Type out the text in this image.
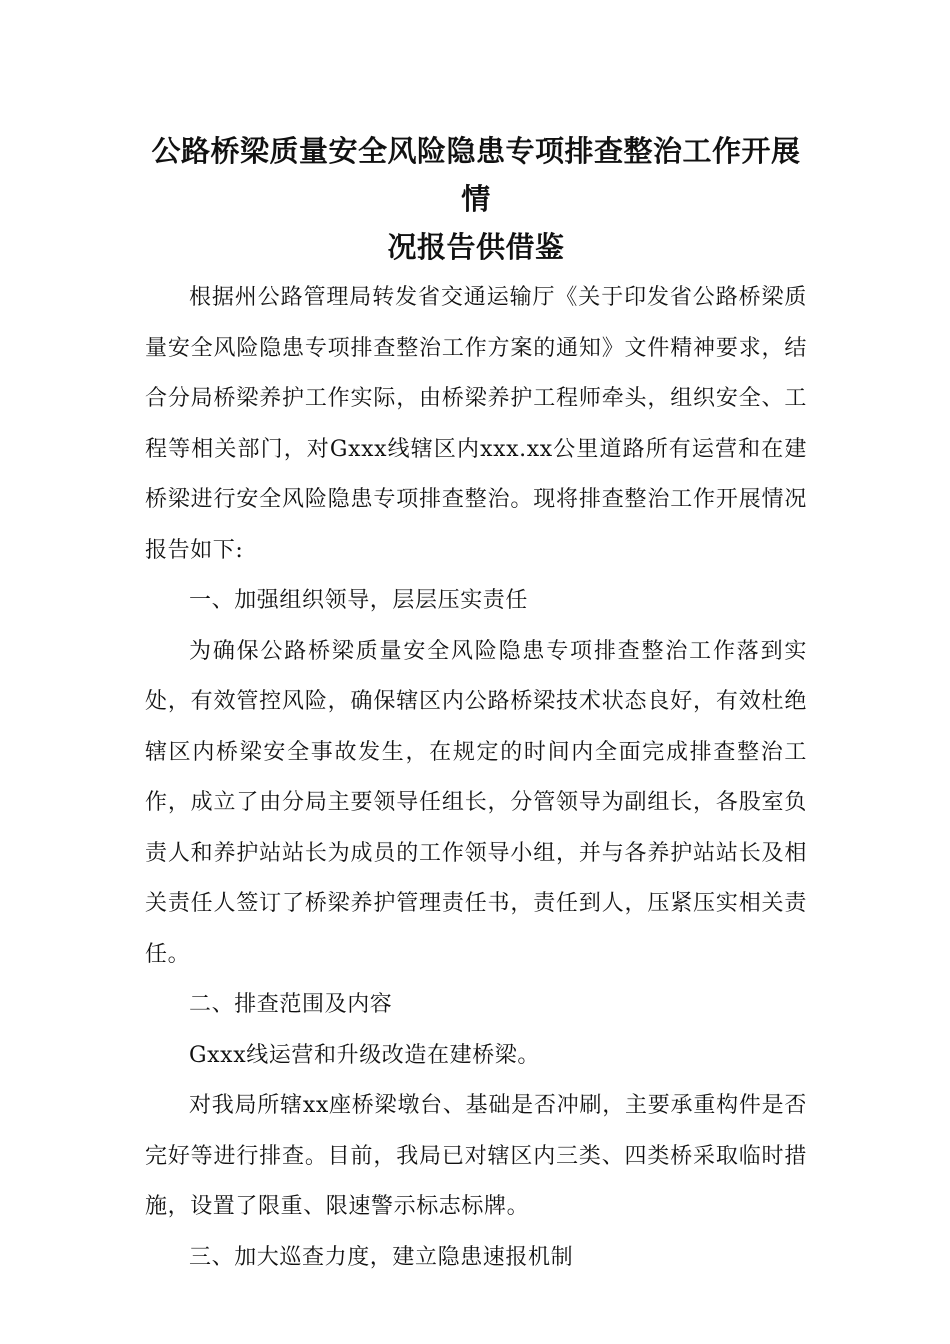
公路桥梁质量安全风险隐患专项排查整治工作开展情
况报告供借鉴

根据州公路管理局转发省交通运输厅《关于印发省公路桥梁质量安全风险隐患专项排查整治工作方案的通知》文件精神要求，结合分局桥梁养护工作实际，由桥梁养护工程师牵头，组织安全、工程等相关部门，对Gxxx线辖区内xxx.xx公里道路所有运营和在建桥梁进行安全风险隐患专项排查整治。现将排查整治工作开展情况报告如下:

一、加强组织领导，层层压实责任

为确保公路桥梁质量安全风险隐患专项排查整治工作落到实处，有效管控风险，确保辖区内公路桥梁技术状态良好，有效杜绝辖区内桥梁安全事故发生，在规定的时间内全面完成排查整治工作，成立了由分局主要领导任组长，分管领导为副组长，各股室负责人和养护站站长为成员的工作领导小组，并与各养护站站长及相关责任人签订了桥梁养护管理责任书，责任到人，压紧压实相关责任。

二、排查范围及内容

Gxxx线运营和升级改造在建桥梁。

对我局所辖xx座桥梁墩台、基础是否冲刷，主要承重构件是否完好等进行排查。目前，我局已对辖区内三类、四类桥采取临时措施，设置了限重、限速警示标志标牌。

三、加大巡查力度，建立隐患速报机制
